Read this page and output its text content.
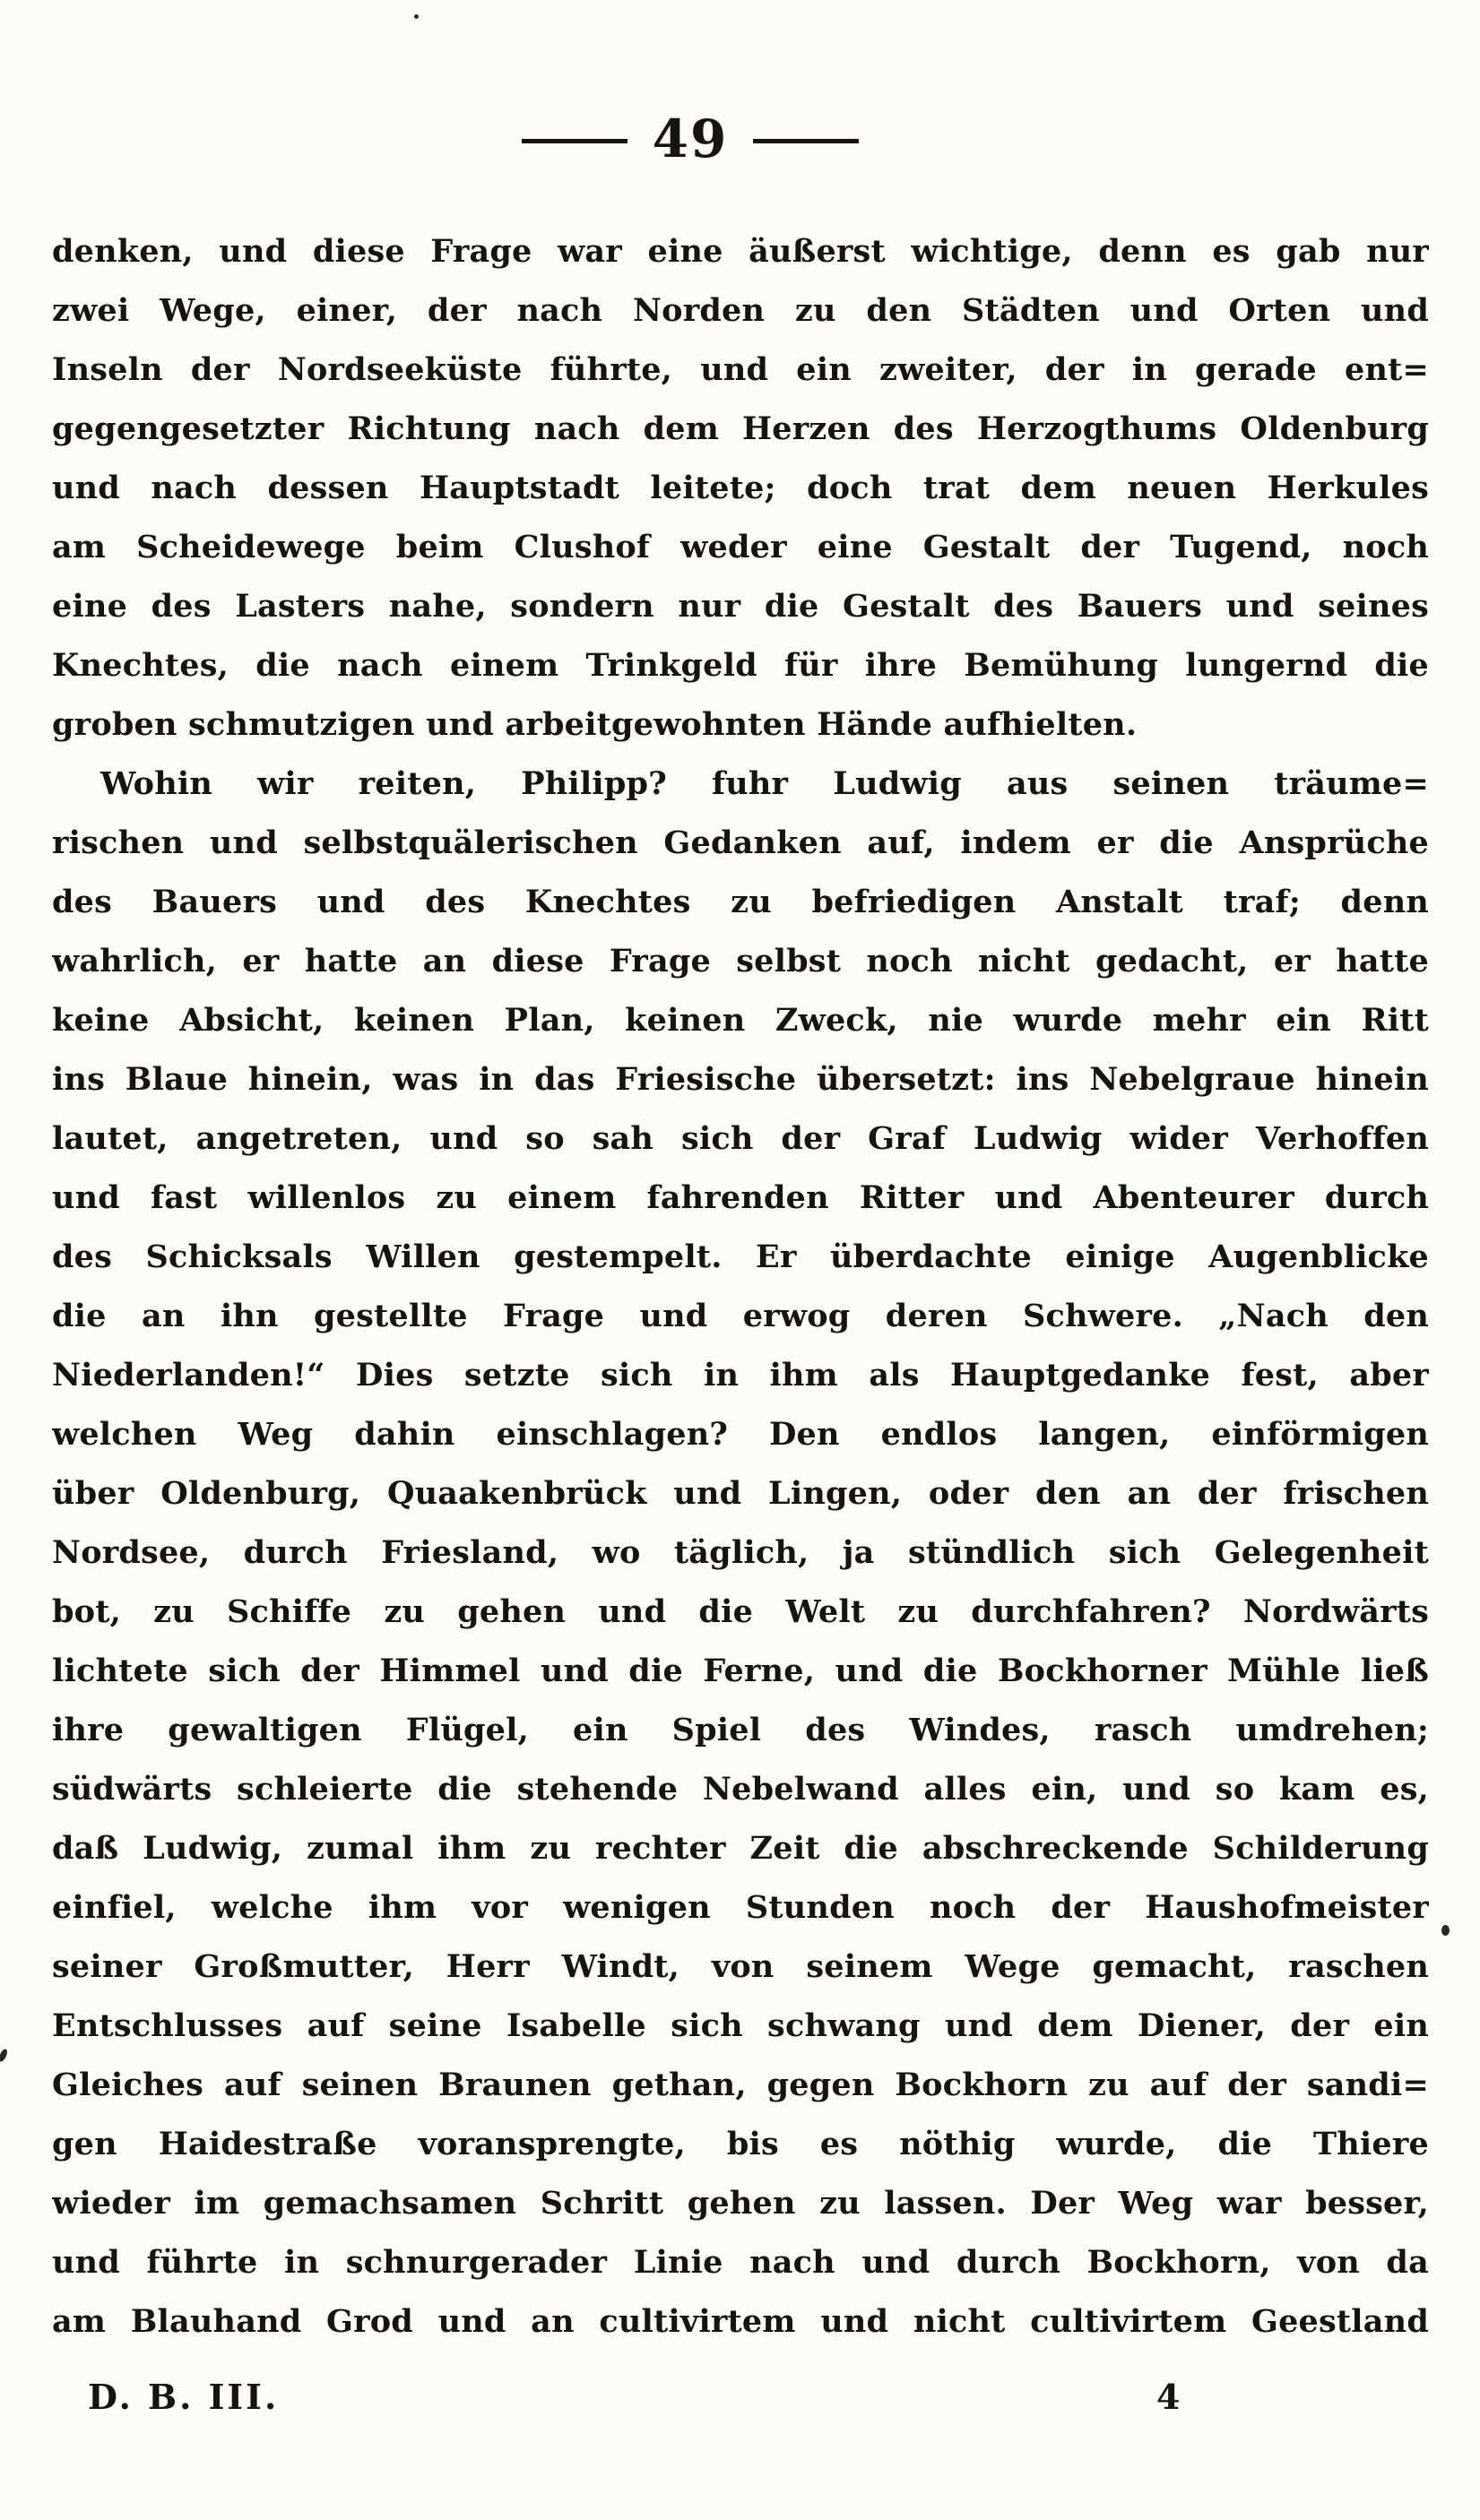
49
denken, und diese Frage war eine äußerst wichtige, denn es gab nur
zwei Wege, einer, der nach Norden zu den Städten und Orten und
Inseln der Nordseeküste führte, und ein zweiter, der in gerade ent=
gegengesetzter Richtung nach dem Herzen des Herzogthums Oldenburg
und nach dessen Hauptstadt leitete; doch trat dem neuen Herkules
am Scheidewege beim Clushof weder eine Gestalt der Tugend, noch
eine des Lasters nahe, sondern nur die Gestalt des Bauers und seines
Knechtes, die nach einem Trinkgeld für ihre Bemühung lungernd die
groben schmutzigen und arbeitgewohnten Hände aufhielten.
Wohin wir reiten, Philipp? fuhr Ludwig aus seinen träume=
rischen und selbstquälerischen Gedanken auf, indem er die Ansprüche
des Bauers und des Knechtes zu befriedigen Anstalt traf; denn
wahrlich, er hatte an diese Frage selbst noch nicht gedacht, er hatte
keine Absicht, keinen Plan, keinen Zweck, nie wurde mehr ein Ritt
ins Blaue hinein, was in das Friesische übersetzt: ins Nebelgraue hinein
lautet, angetreten, und so sah sich der Graf Ludwig wider Verhoffen
und fast willenlos zu einem fahrenden Ritter und Abenteurer durch
des Schicksals Willen gestempelt. Er überdachte einige Augenblicke
die an ihn gestellte Frage und erwog deren Schwere. „Nach den
Niederlanden!“ Dies setzte sich in ihm als Hauptgedanke fest, aber
welchen Weg dahin einschlagen? Den endlos langen, einförmigen
über Oldenburg, Quaakenbrück und Lingen, oder den an der frischen
Nordsee, durch Friesland, wo täglich, ja stündlich sich Gelegenheit
bot, zu Schiffe zu gehen und die Welt zu durchfahren? Nordwärts
lichtete sich der Himmel und die Ferne, und die Bockhorner Mühle ließ
ihre gewaltigen Flügel, ein Spiel des Windes, rasch umdrehen;
südwärts schleierte die stehende Nebelwand alles ein, und so kam es,
daß Ludwig, zumal ihm zu rechter Zeit die abschreckende Schilderung
einfiel, welche ihm vor wenigen Stunden noch der Haushofmeister
seiner Großmutter, Herr Windt, von seinem Wege gemacht, raschen
Entschlusses auf seine Isabelle sich schwang und dem Diener, der ein
Gleiches auf seinen Braunen gethan, gegen Bockhorn zu auf der sandi=
gen Haidestraße voransprengte, bis es nöthig wurde, die Thiere
wieder im gemachsamen Schritt gehen zu lassen. Der Weg war besser,
und führte in schnurgerader Linie nach und durch Bockhorn, von da
am Blauhand Grod und an cultivirtem und nicht cultivirtem Geestland
D. B. III.	4
